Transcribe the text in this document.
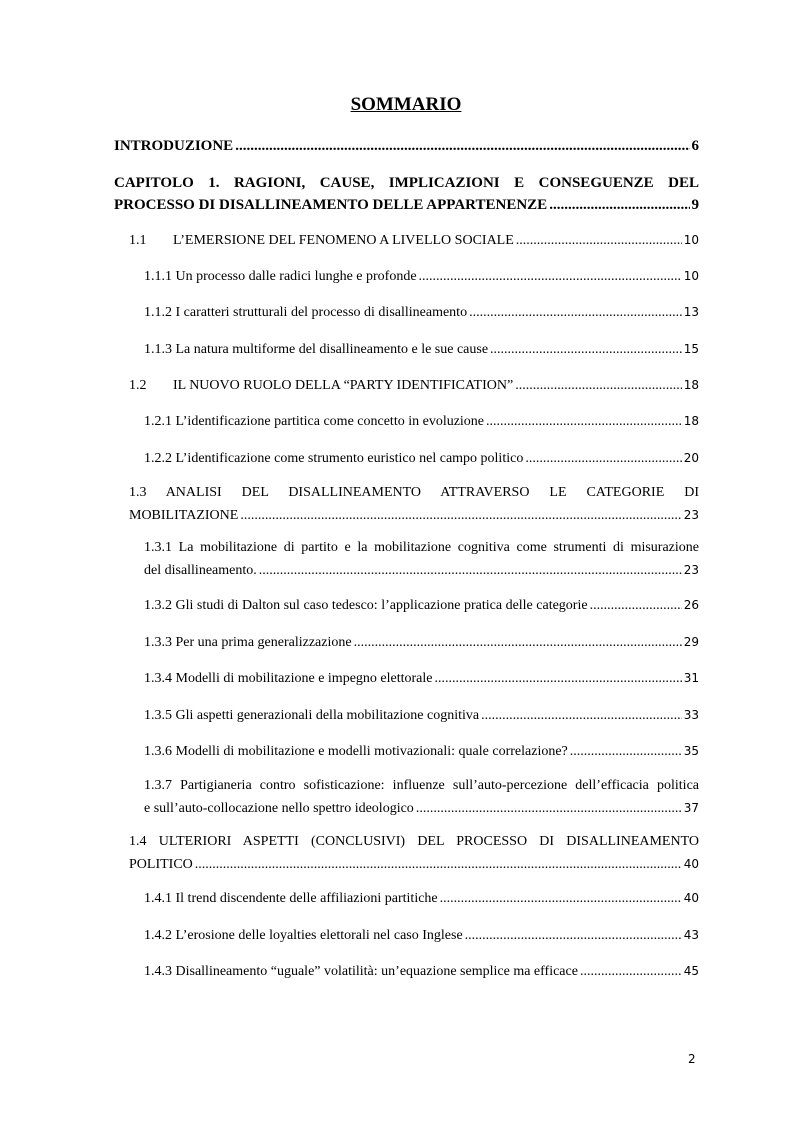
SOMMARIO
INTRODUZIONE .....	6
CAPITOLO 1. RAGIONI, CAUSE, IMPLICAZIONI E CONSEGUENZE DEL
PROCESSO DI DISALLINEAMENTO DELLE APPARTENENZE .....	9
1.1 L’EMERSIONE DEL FENOMENO A LIVELLO SOCIALE .....	10
1.1.1 Un processo dalle radici lunghe e profonde .....	10
1.1.2 I caratteri strutturali del processo di disallineamento .....	13
1.1.3 La natura multiforme del disallineamento e le sue cause .....	15
1.2 IL NUOVO RUOLO DELLA “PARTY IDENTIFICATION” .....	18
1.2.1 L’identificazione partitica come concetto in evoluzione .....	18
1.2.2 L’identificazione come strumento euristico nel campo politico .....	20
1.3 ANALISI DEL DISALLINEAMENTO ATTRAVERSO LE CATEGORIE DI
MOBILITAZIONE .....	23
1.3.1 La mobilitazione di partito e la mobilitazione cognitiva come strumenti di misurazione
del disallineamento. .....	23
1.3.2 Gli studi di Dalton sul caso tedesco: l’applicazione pratica delle categorie .....	26
1.3.3 Per una prima generalizzazione .....	29
1.3.4 Modelli di mobilitazione e impegno elettorale .....	31
1.3.5 Gli aspetti generazionali della mobilitazione cognitiva .....	33
1.3.6 Modelli di mobilitazione e modelli motivazionali: quale correlazione? .....	35
1.3.7 Partigianeria contro sofisticazione: influenze sull’auto-percezione dell’efficacia politica
e sull’auto-collocazione nello spettro ideologico .....	37
1.4 ULTERIORI ASPETTI (CONCLUSIVI) DEL PROCESSO DI DISALLINEAMENTO
POLITICO .....	40
1.4.1 Il trend discendente delle affiliazioni partitiche .....	40
1.4.2 L’erosione delle loyalties elettorali nel caso Inglese .....	43
1.4.3 Disallineamento “uguale” volatilità: un’equazione semplice ma efficace .....	45
2
